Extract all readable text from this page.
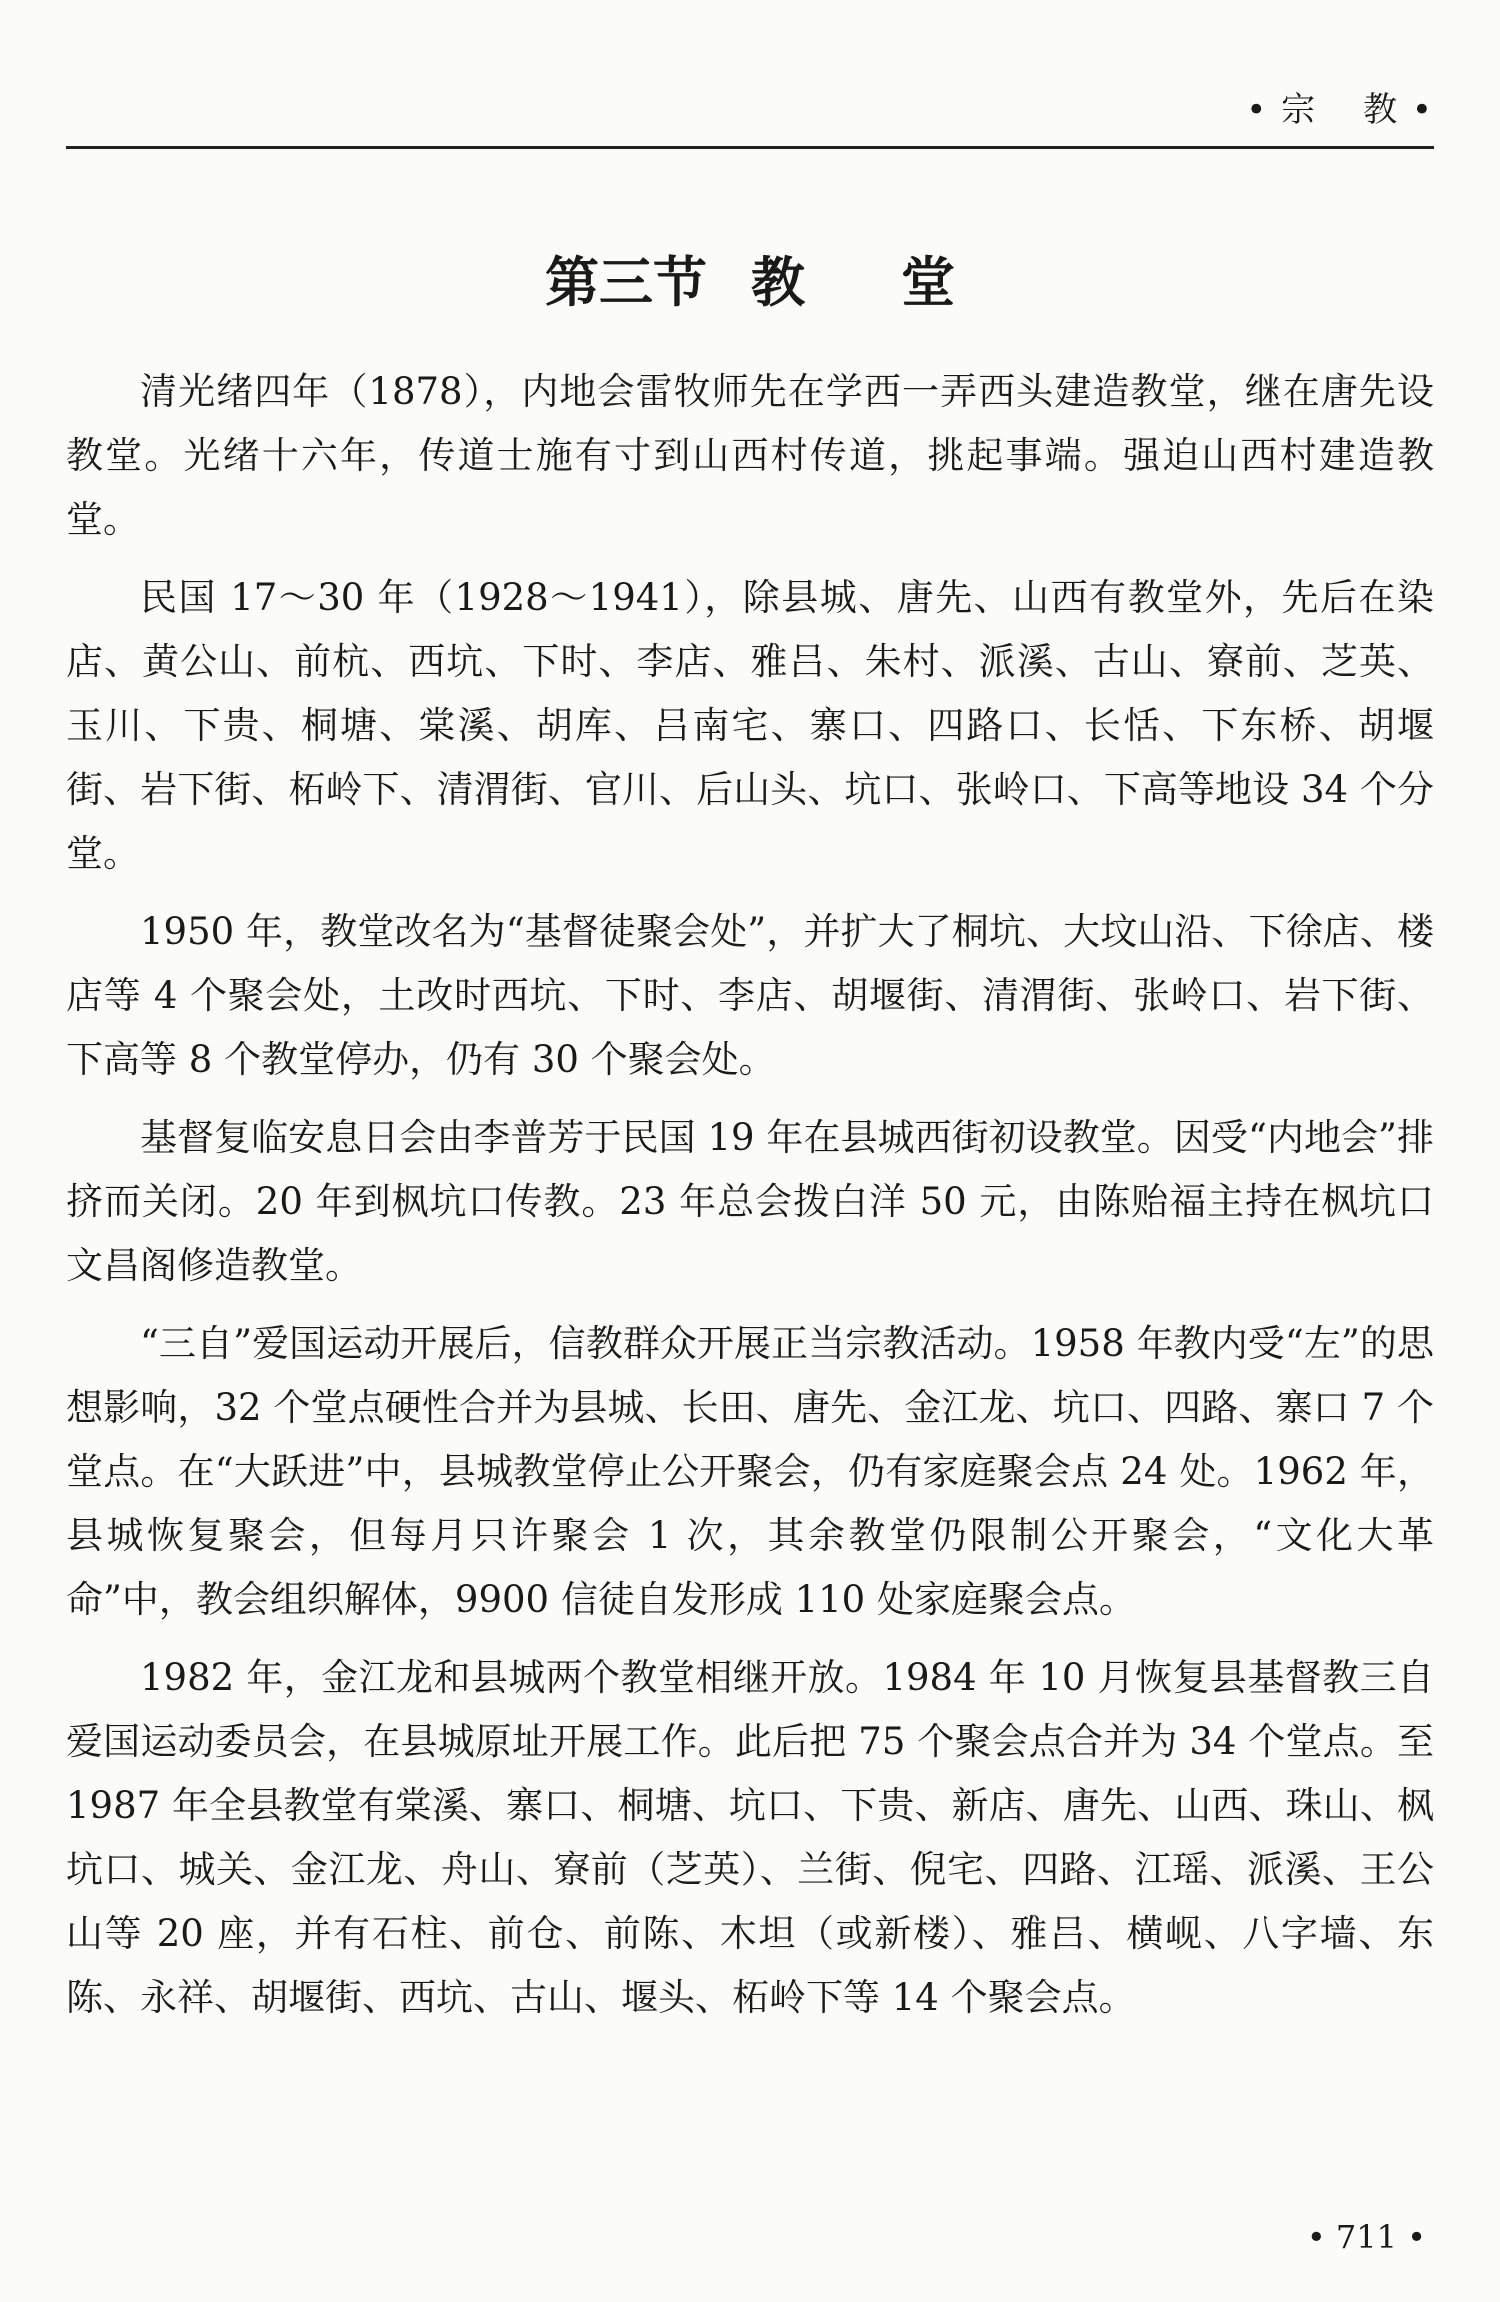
• 宗 教 •
第三节 教堂

清光绪四年（1878），内地会雷牧师先在学西一弄西头建造教堂，继在唐先设教堂。光绪十六年，传道士施有寸到山西村传道，挑起事端。强迫山西村建造教堂。

民国 17～30 年（1928～1941），除县城、唐先、山西有教堂外，先后在染店、黄公山、前杭、西坑、下时、李店、雅吕、朱村、派溪、古山、寮前、芝英、玉川、下贵、桐塘、棠溪、胡库、吕南宅、寨口、四路口、长恬、下东桥、胡堰街、岩下街、柘岭下、清渭街、官川、后山头、坑口、张岭口、下高等地设 34 个分堂。

1950 年，教堂改名为“基督徒聚会处”，并扩大了桐坑、大坟山沿、下徐店、楼店等 4 个聚会处，土改时西坑、下时、李店、胡堰街、清渭街、张岭口、岩下街、下高等 8 个教堂停办，仍有 30 个聚会处。

基督复临安息日会由李普芳于民国 19 年在县城西街初设教堂。因受“内地会”排挤而关闭。20 年到枫坑口传教。23 年总会拨白洋 50 元，由陈贻福主持在枫坑口文昌阁修造教堂。

“三自”爱国运动开展后，信教群众开展正当宗教活动。1958 年教内受“左”的思想影响，32 个堂点硬性合并为县城、长田、唐先、金江龙、坑口、四路、寨口 7 个堂点。在“大跃进”中，县城教堂停止公开聚会，仍有家庭聚会点 24 处。1962 年，县城恢复聚会，但每月只许聚会 1 次，其余教堂仍限制公开聚会，“文化大革命”中，教会组织解体，9900 信徒自发形成 110 处家庭聚会点。

1982 年，金江龙和县城两个教堂相继开放。1984 年 10 月恢复县基督教三自爱国运动委员会，在县城原址开展工作。此后把 75 个聚会点合并为 34 个堂点。至 1987 年全县教堂有棠溪、寨口、桐塘、坑口、下贵、新店、唐先、山西、珠山、枫坑口、城关、金江龙、舟山、寮前（芝英）、兰街、倪宅、四路、江瑶、派溪、王公山等 20 座，并有石柱、前仓、前陈、木坦（或新楼）、雅吕、横岘、八字墙、东陈、永祥、胡堰街、西坑、古山、堰头、柘岭下等 14 个聚会点。

• 711 •
